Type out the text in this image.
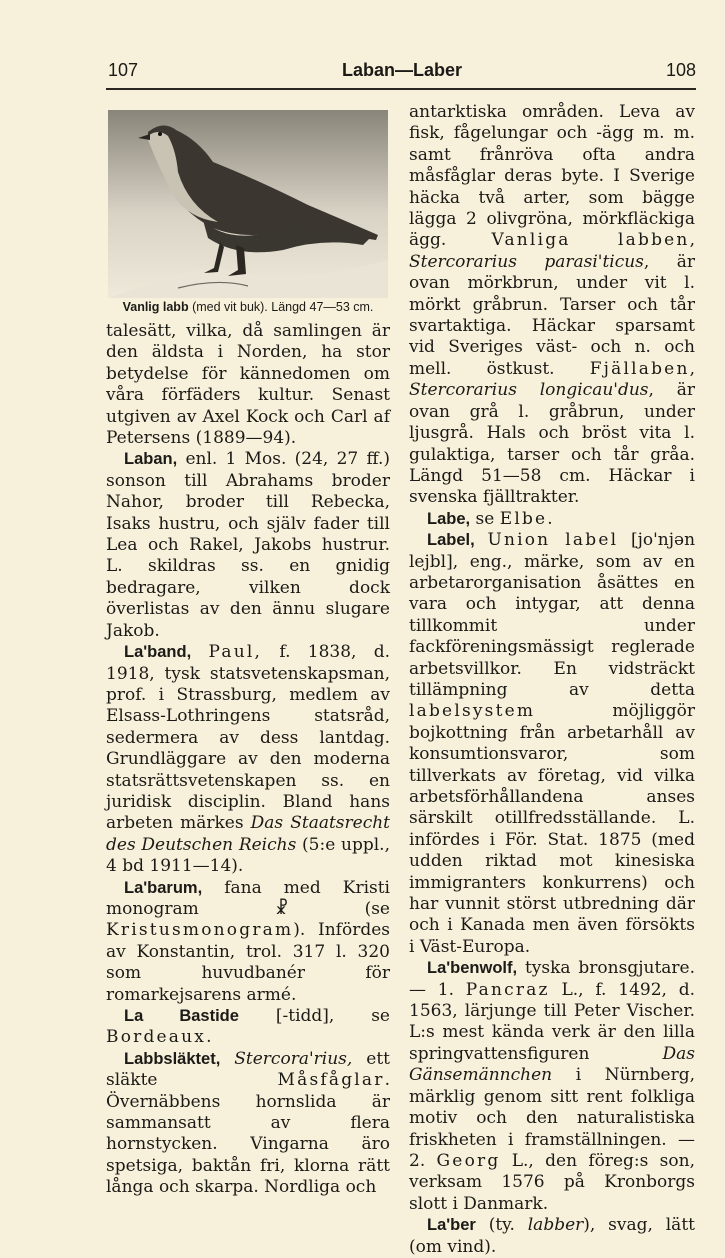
107	Laban—Laber	108
Vanlig labb (med vit buk). Längd 47—53 cm.

talesätt, vilka, då samlingen är den äldsta i Norden, ha stor betydelse för kännedomen om våra förfäders kultur. Senast utgiven av Axel Kock och Carl af Petersens (1889—94).

Laban, enl. 1 Mos. (24, 27 ff.) sonson till Abrahams broder Nahor, broder till Rebecka, Isaks hustru, och själv fader till Lea och Rakel, Jakobs hustrur. L. skildras ss. en gnidig bedragare, vilken dock överlistas av den ännu slugare Jakob.

La'band, Paul, f. 1838, d. 1918, tysk statsvetenskapsman, prof. i Strassburg, medlem av Elsass-Lothringens statsråd, sedermera av dess lantdag. Grundläggare av den moderna statsrättsvetenskapen ss. en juridisk disciplin. Bland hans arbeten märkes Das Staatsrecht des Deutschen Reichs (5:e uppl., 4 bd 1911—14).

La'barum, fana med Kristi monogram ☧ (se Kristusmonogram). Infördes av Konstantin, trol. 317 l. 320 som huvudbanér för romarkejsarens armé.

La Bastide [-tidd], se Bordeaux.

Labbsläktet, Stercora'rius, ett släkte Måsfåglar. Övernäbbens hornslida är sammansatt av flera hornstycken. Vingarna äro spetsiga, baktån fri, klorna rätt långa och skarpa. Nordliga och

antarktiska områden. Leva av fisk, fågelungar och -ägg m. m. samt frånröva ofta andra måsfåglar deras byte. I Sverige häcka två arter, som bägge lägga 2 olivgröna, mörkfläckiga ägg. Vanliga labben, Stercorarius parasi'ticus, är ovan mörkbrun, under vit l. mörkt gråbrun. Tarser och tår svartaktiga. Häckar sparsamt vid Sveriges väst- och n. och mell. östkust. Fjällaben, Stercorarius longicau'dus, är ovan grå l. gråbrun, under ljusgrå. Hals och bröst vita l. gulaktiga, tarser och tår gråa. Längd 51—58 cm. Häckar i svenska fjälltrakter.

Labe, se Elbe.

Label, Union label [jo'njən lejbl], eng., märke, som av en arbetarorganisation åsättes en vara och intygar, att denna tillkommit under fackföreningsmässigt reglerade arbetsvillkor. En vidsträckt tillämpning av detta labelsystem möjliggör bojkottning från arbetarhåll av konsumtionsvaror, som tillverkats av företag, vid vilka arbetsförhållandena anses särskilt otillfredsställande. L. infördes i För. Stat. 1875 (med udden riktad mot kinesiska immigranters konkurrens) och har vunnit störst utbredning där och i Kanada men även försökts i Väst-Europa.

La'benwolf, tyska bronsgjutare. — 1. Pancraz L., f. 1492, d. 1563, lärjunge till Peter Vischer. L:s mest kända verk är den lilla springvattensfiguren Das Gänsemännchen i Nürnberg, märklig genom sitt rent folkliga motiv och den naturalistiska friskheten i framställningen. — 2. Georg L., den föreg:s son, verksam 1576 på Kronborgs slott i Danmark.

La'ber (ty. labber), svag, lätt (om vind).
